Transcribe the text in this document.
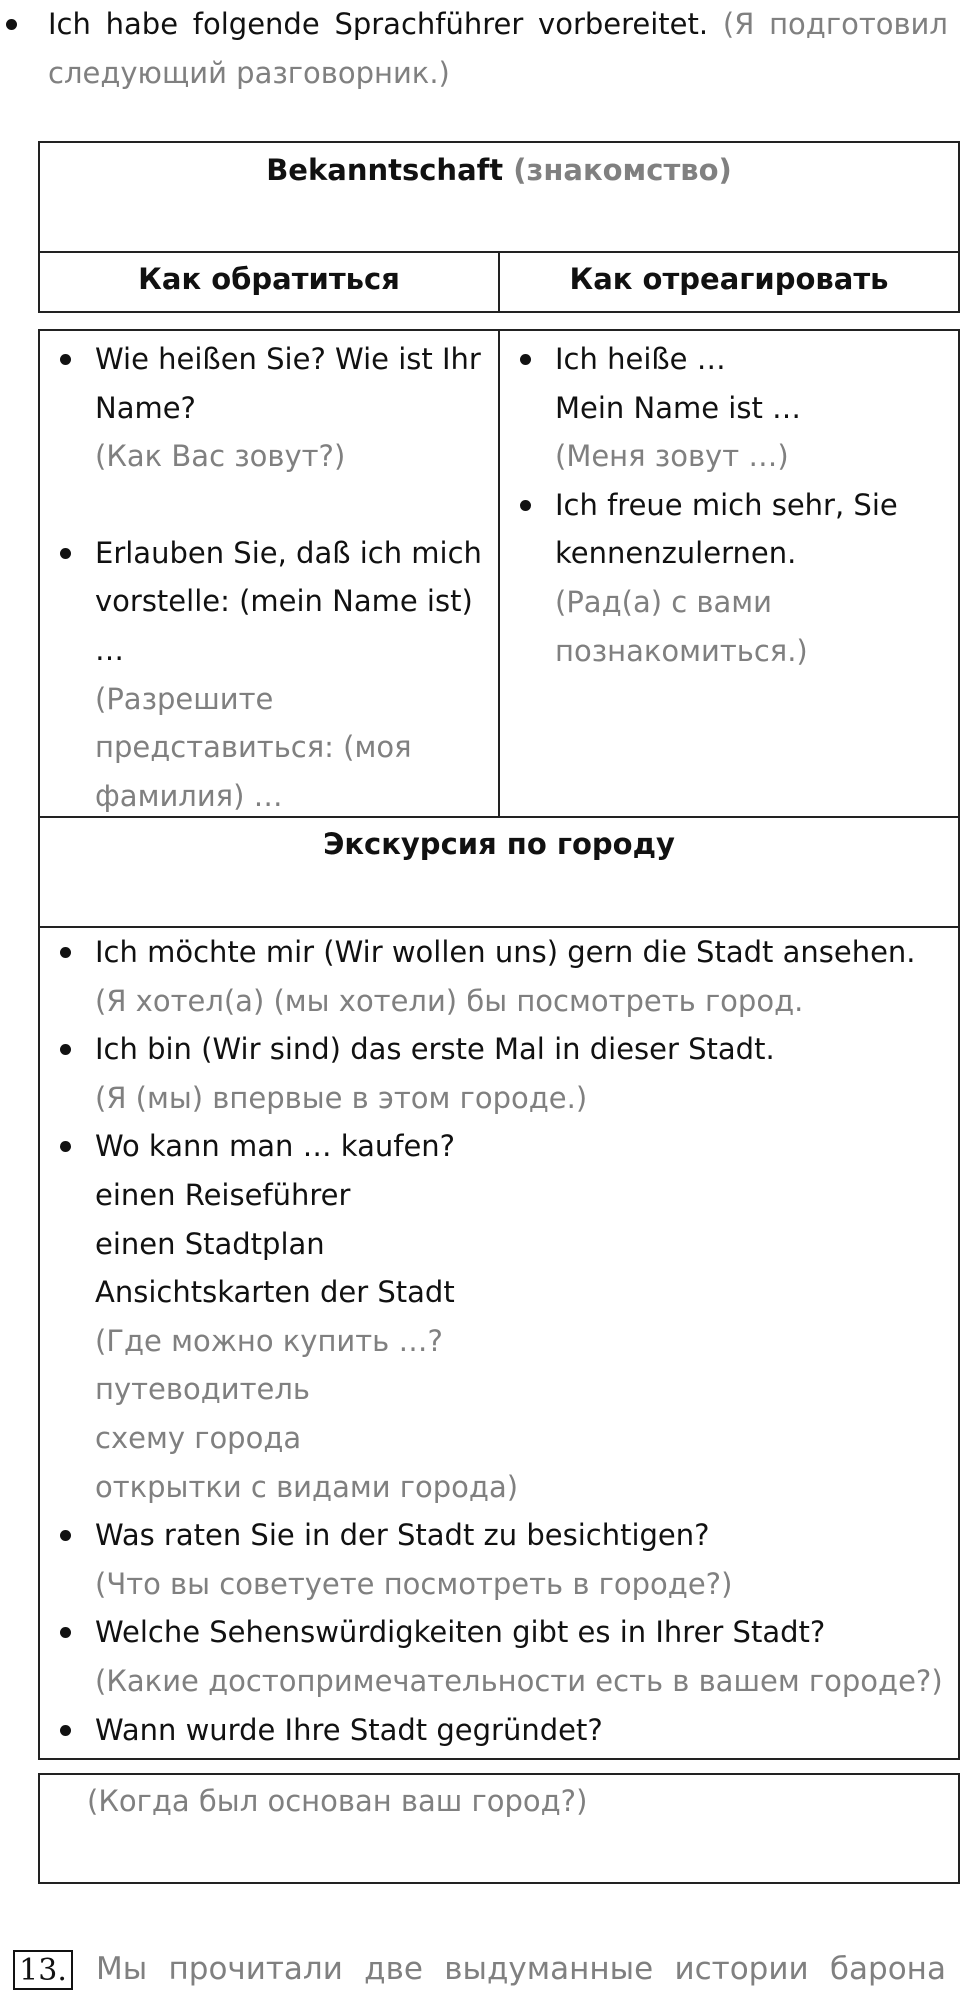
Ich habe folgende Sprachführer vorbereitet. (Я подготовил
следующий разговорник.)
Bekanntschaft (знакомство)
Как обратиться	Как отреагировать
Wie heißen Sie? Wie ist Ihr
Name?
(Как Вас зовут?)
Erlauben Sie, daß ich mich
vorstelle: (mein Name ist)
…
(Разрешите
представиться: (моя
фамилия) …
Ich heiße …
Mein Name ist …
(Меня зовут …)
Ich freue mich sehr, Sie
kennenzulernen.
(Рад(а) с вами
познакомиться.)
Экскурсия по городу
Ich möchte mir (Wir wollen uns) gern die Stadt ansehen.
(Я хотел(а) (мы хотели) бы посмотреть город.
Ich bin (Wir sind) das erste Mal in dieser Stadt.
(Я (мы) впервые в этом городе.)
Wo kann man … kaufen?
einen Reiseführer
einen Stadtplan
Ansichtskarten der Stadt
(Где можно купить …?
путеводитель
схему города
открытки с видами города)
Was raten Sie in der Stadt zu besichtigen?
(Что вы советуете посмотреть в городе?)
Welche Sehenswürdigkeiten gibt es in Ihrer Stadt?
(Какие достопримечательности есть в вашем городе?)
Wann wurde Ihre Stadt gegründet?
(Когда был основан ваш город?)
13. Мы прочитали две выдуманные истории барона
